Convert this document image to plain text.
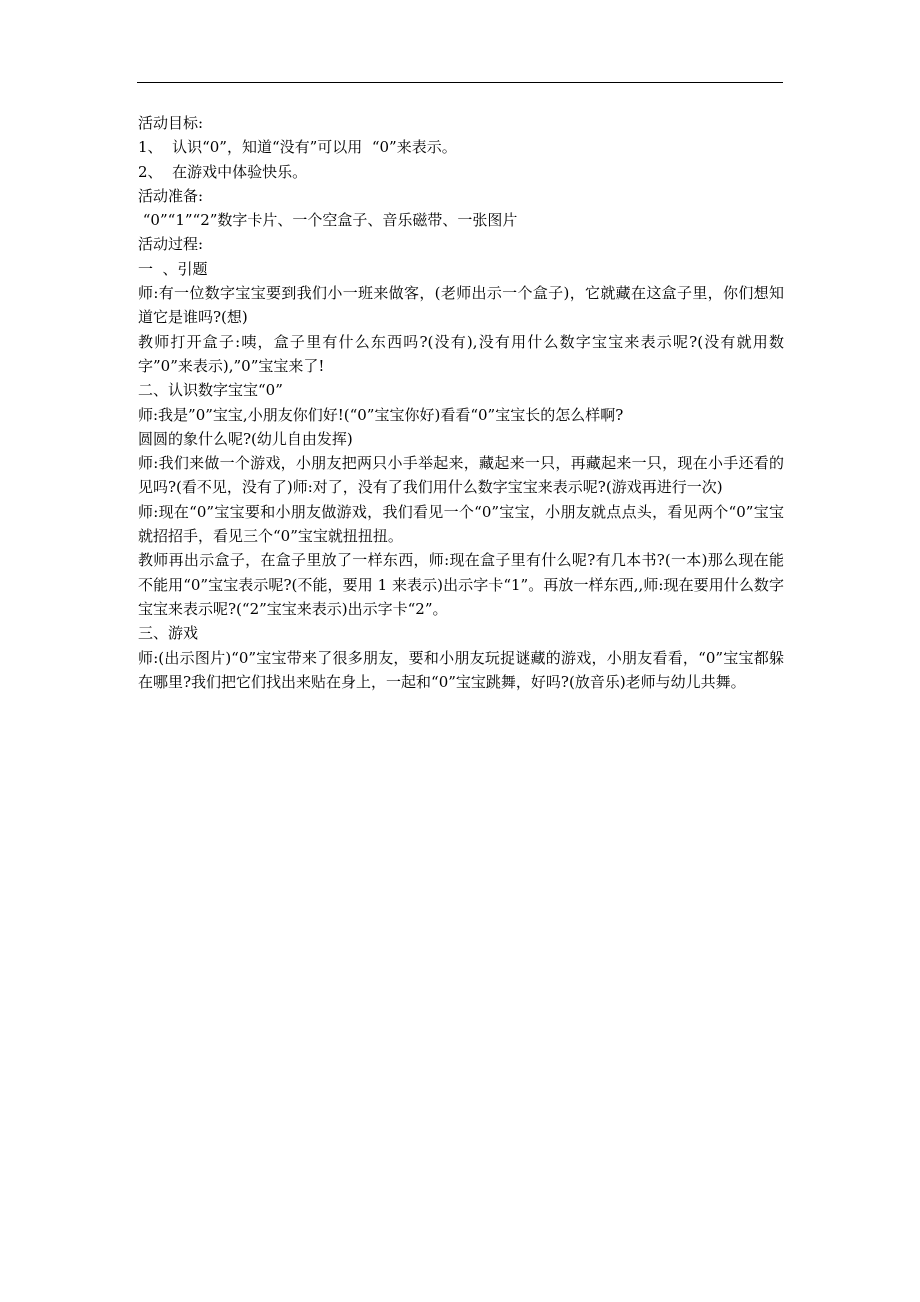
活动目标:

1、  认识“0”，知道“没有”可以用  “0”来表示。

2、  在游戏中体验快乐。

活动准备:

“0”“1”“2”数字卡片、一个空盒子、音乐磁带、一张图片

活动过程:

一  、引题

师:有一位数字宝宝要到我们小一班来做客，(老师出示一个盒子)，它就藏在这盒子里，你们想知道它是谁吗?(想)

教师打开盒子:咦，盒子里有什么东西吗?(没有),没有用什么数字宝宝来表示呢?(没有就用数字”0”来表示),”0”宝宝来了!

二、认识数字宝宝“0”

师:我是”0”宝宝,小朋友你们好!(“0”宝宝你好)看看“0”宝宝长的怎么样啊?

圆圆的象什么呢?(幼儿自由发挥)

师:我们来做一个游戏，小朋友把两只小手举起来，藏起来一只，再藏起来一只，现在小手还看的见吗?(看不见，没有了)师:对了，没有了我们用什么数字宝宝来表示呢?(游戏再进行一次)

师:现在“0”宝宝要和小朋友做游戏，我们看见一个“0”宝宝，小朋友就点点头，看见两个“0”宝宝就招招手，看见三个“0”宝宝就扭扭扭。

教师再出示盒子，在盒子里放了一样东西，师:现在盒子里有什么呢?有几本书?(一本)那么现在能不能用“0”宝宝表示呢?(不能，要用 1 来表示)出示字卡“1”。再放一样东西,,师:现在要用什么数字宝宝来表示呢?(“2”宝宝来表示)出示字卡“2”。

三、游戏

师:(出示图片)“0”宝宝带来了很多朋友，要和小朋友玩捉谜藏的游戏，小朋友看看，“0”宝宝都躲在哪里?我们把它们找出来贴在身上，一起和“0”宝宝跳舞，好吗?(放音乐)老师与幼儿共舞。
